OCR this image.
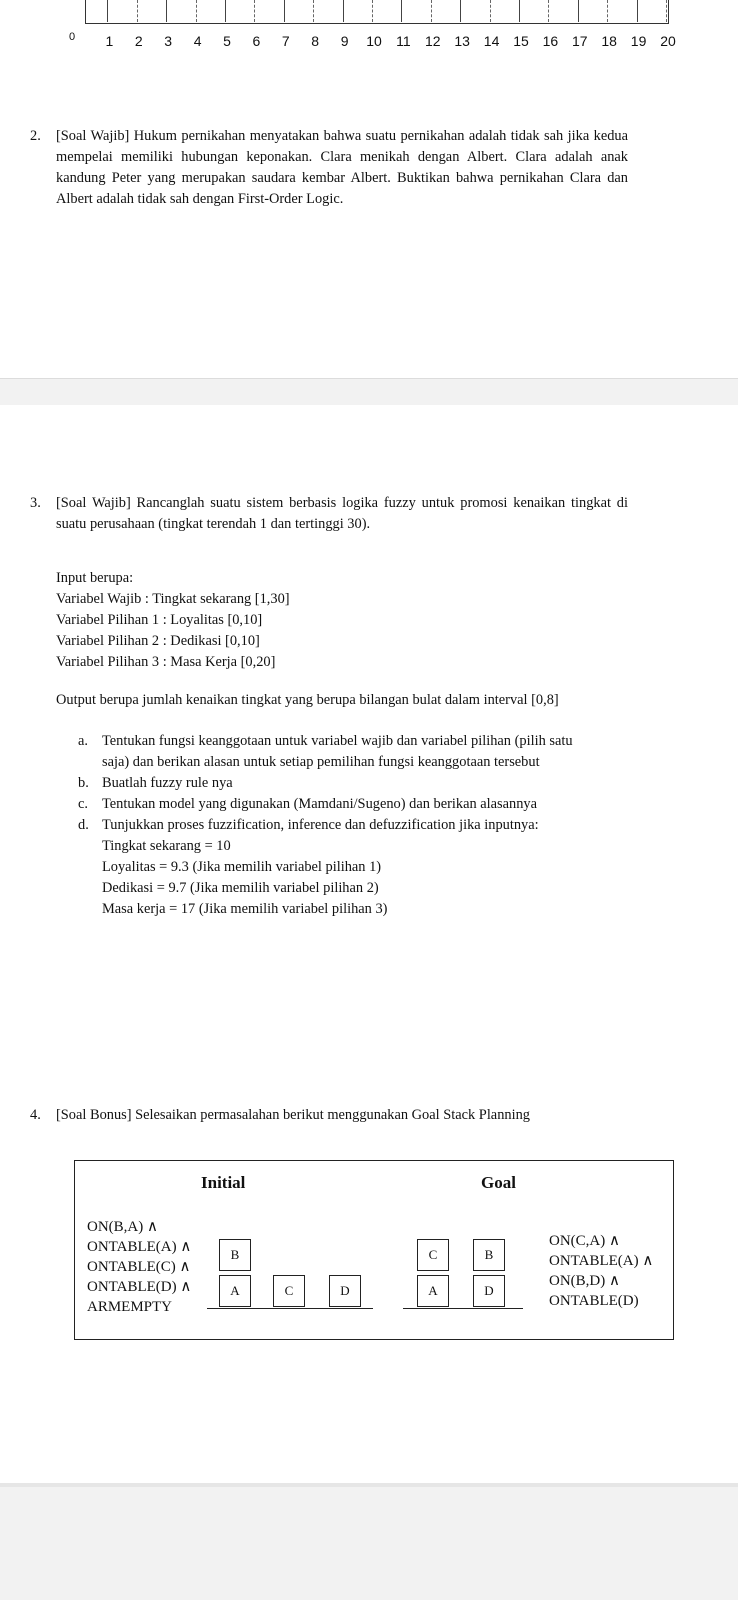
0 1 2 3 4 5 6 7 8 9 10 11 12 13 14 15 16 17 18 19 20
2. [Soal Wajib] Hukum pernikahan menyatakan bahwa suatu pernikahan adalah tidak sah jika kedua mempelai memiliki hubungan keponakan. Clara menikah dengan Albert. Clara adalah anak kandung Peter yang merupakan saudara kembar Albert. Buktikan bahwa pernikahan Clara dan Albert adalah tidak sah dengan First-Order Logic.
3. [Soal Wajib] Rancanglah suatu sistem berbasis logika fuzzy untuk promosi kenaikan tingkat di suatu perusahaan (tingkat terendah 1 dan tertinggi 30).
Input berupa:
Variabel Wajib : Tingkat sekarang [1,30]
Variabel Pilihan 1 : Loyalitas [0,10]
Variabel Pilihan 2 : Dedikasi [0,10]
Variabel Pilihan 3 : Masa Kerja [0,20]
Output berupa jumlah kenaikan tingkat yang berupa bilangan bulat dalam interval [0,8]
a. Tentukan fungsi keanggotaan untuk variabel wajib dan variabel pilihan (pilih satu
saja) dan berikan alasan untuk setiap pemilihan fungsi keanggotaan tersebut
b. Buatlah fuzzy rule nya
c. Tentukan model yang digunakan (Mamdani/Sugeno) dan berikan alasannya
d. Tunjukkan proses fuzzification, inference dan defuzzification jika inputnya:
Tingkat sekarang = 10
Loyalitas = 9.3 (Jika memilih variabel pilihan 1)
Dedikasi = 9.7 (Jika memilih variabel pilihan 2)
Masa kerja = 17 (Jika memilih variabel pilihan 3)
4. [Soal Bonus] Selesaikan permasalahan berikut menggunakan Goal Stack Planning
Initial	Goal
ON(B,A) ∧
ONTABLE(A) ∧
ONTABLE(C) ∧
ONTABLE(D) ∧
ARMEMPTY
ON(C,A) ∧
ONTABLE(A) ∧
ON(B,D) ∧
ONTABLE(D)
B
A	C	D
C
A
B
D
